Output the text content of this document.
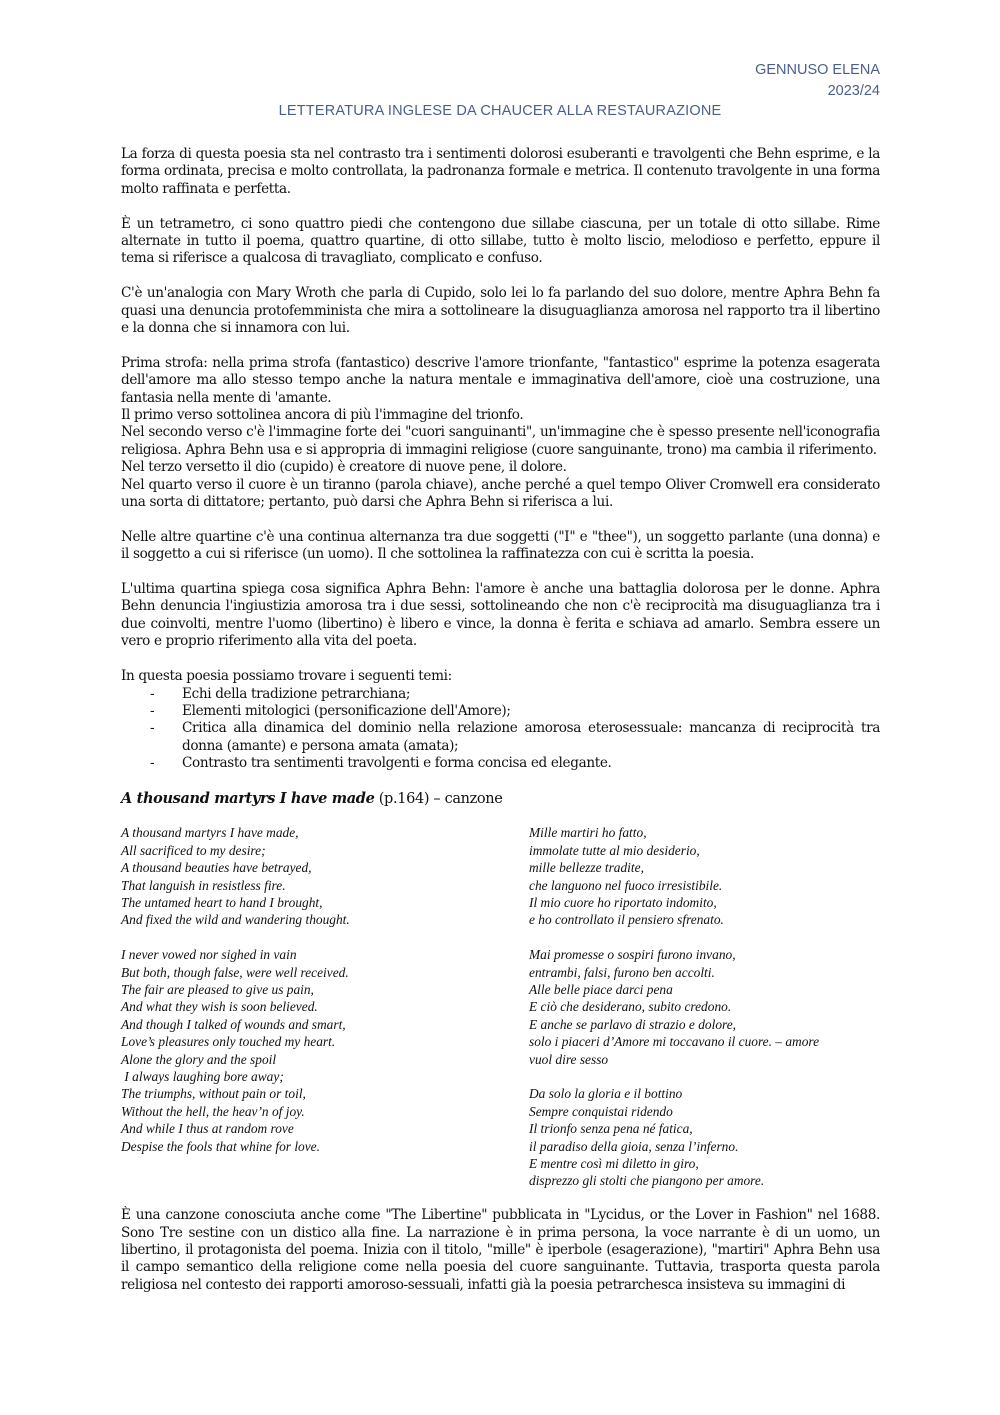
GENNUSO ELENA
2023/24
LETTERATURA INGLESE DA CHAUCER ALLA RESTAURAZIONE

La forza di questa poesia sta nel contrasto tra i sentimenti dolorosi esuberanti e travolgenti che Behn esprime, e la forma ordinata, precisa e molto controllata, la padronanza formale e metrica. Il contenuto travolgente in una forma molto raffinata e perfetta.

È un tetrametro, ci sono quattro piedi che contengono due sillabe ciascuna, per un totale di otto sillabe. Rime alternate in tutto il poema, quattro quartine, di otto sillabe, tutto è molto liscio, melodioso e perfetto, eppure il tema si riferisce a qualcosa di travagliato, complicato e confuso.

C'è un'analogia con Mary Wroth che parla di Cupido, solo lei lo fa parlando del suo dolore, mentre Aphra Behn fa quasi una denuncia protofemminista che mira a sottolineare la disuguaglianza amorosa nel rapporto tra il libertino e la donna che si innamora con lui.

Prima strofa: nella prima strofa (fantastico) descrive l'amore trionfante, "fantastico" esprime la potenza esagerata dell'amore ma allo stesso tempo anche la natura mentale e immaginativa dell'amore, cioè una costruzione, una fantasia nella mente di 'amante.

Il primo verso sottolinea ancora di più l'immagine del trionfo.

Nel secondo verso c'è l'immagine forte dei "cuori sanguinanti", un'immagine che è spesso presente nell'iconografia religiosa. Aphra Behn usa e si appropria di immagini religiose (cuore sanguinante, trono) ma cambia il riferimento.

Nel terzo versetto il dio (cupido) è creatore di nuove pene, il dolore.

Nel quarto verso il cuore è un tiranno (parola chiave), anche perché a quel tempo Oliver Cromwell era considerato una sorta di dittatore; pertanto, può darsi che Aphra Behn si riferisca a lui.

Nelle altre quartine c'è una continua alternanza tra due soggetti ("I" e "thee"), un soggetto parlante (una donna) e il soggetto a cui si riferisce (un uomo). Il che sottolinea la raffinatezza con cui è scritta la poesia.

L'ultima quartina spiega cosa significa Aphra Behn: l'amore è anche una battaglia dolorosa per le donne. Aphra Behn denuncia l'ingiustizia amorosa tra i due sessi, sottolineando che non c'è reciprocità ma disuguaglianza tra i due coinvolti, mentre l'uomo (libertino) è libero e vince, la donna è ferita e schiava ad amarlo. Sembra essere un vero e proprio riferimento alla vita del poeta.

In questa poesia possiamo trovare i seguenti temi:

- Echi della tradizione petrarchiana;
- Elementi mitologici (personificazione dell'Amore);
- Critica alla dinamica del dominio nella relazione amorosa eterosessuale: mancanza di reciprocità tra donna (amante) e persona amata (amata);
- Contrasto tra sentimenti travolgenti e forma concisa ed elegante.
A thousand martyrs I have made (p.164) – canzone
A thousand martyrs I have made,
All sacrificed to my desire;
A thousand beauties have betrayed,
That languish in resistless fire.
The untamed heart to hand I brought,
And fixed the wild and wandering thought.
I never vowed nor sighed in vain
But both, though false, were well received.
The fair are pleased to give us pain,
And what they wish is soon believed.
And though I talked of wounds and smart,
Love’s pleasures only touched my heart.
Alone the glory and the spoil
I always laughing bore away;
The triumphs, without pain or toil,
Without the hell, the heav’n of joy.
And while I thus at random rove
Despise the fools that whine for love.
Mille martiri ho fatto,
immolate tutte al mio desiderio,
mille bellezze tradite,
che languono nel fuoco irresistibile.
Il mio cuore ho riportato indomito,
e ho controllato il pensiero sfrenato.
Mai promesse o sospiri furono invano,
entrambi, falsi, furono ben accolti.
Alle belle piace darci pena
E ciò che desiderano, subito credono.
E anche se parlavo di strazio e dolore,
solo i piaceri d’Amore mi toccavano il cuore. – amore
vuol dire sesso
Da solo la gloria e il bottino
Sempre conquistai ridendo
Il trionfo senza pena né fatica,
il paradiso della gioia, senza l’inferno.
E mentre così mi diletto in giro,
disprezzo gli stolti che piangono per amore.

È una canzone conosciuta anche come "The Libertine" pubblicata in "Lycidus, or the Lover in Fashion" nel 1688. Sono Tre sestine con un distico alla fine. La narrazione è in prima persona, la voce narrante è di un uomo, un libertino, il protagonista del poema. Inizia con il titolo, "mille" è iperbole (esagerazione), "martiri" Aphra Behn usa il campo semantico della religione come nella poesia del cuore sanguinante. Tuttavia, trasporta questa parola religiosa nel contesto dei rapporti amoroso-sessuali, infatti già la poesia petrarchesca insisteva su immagini di
